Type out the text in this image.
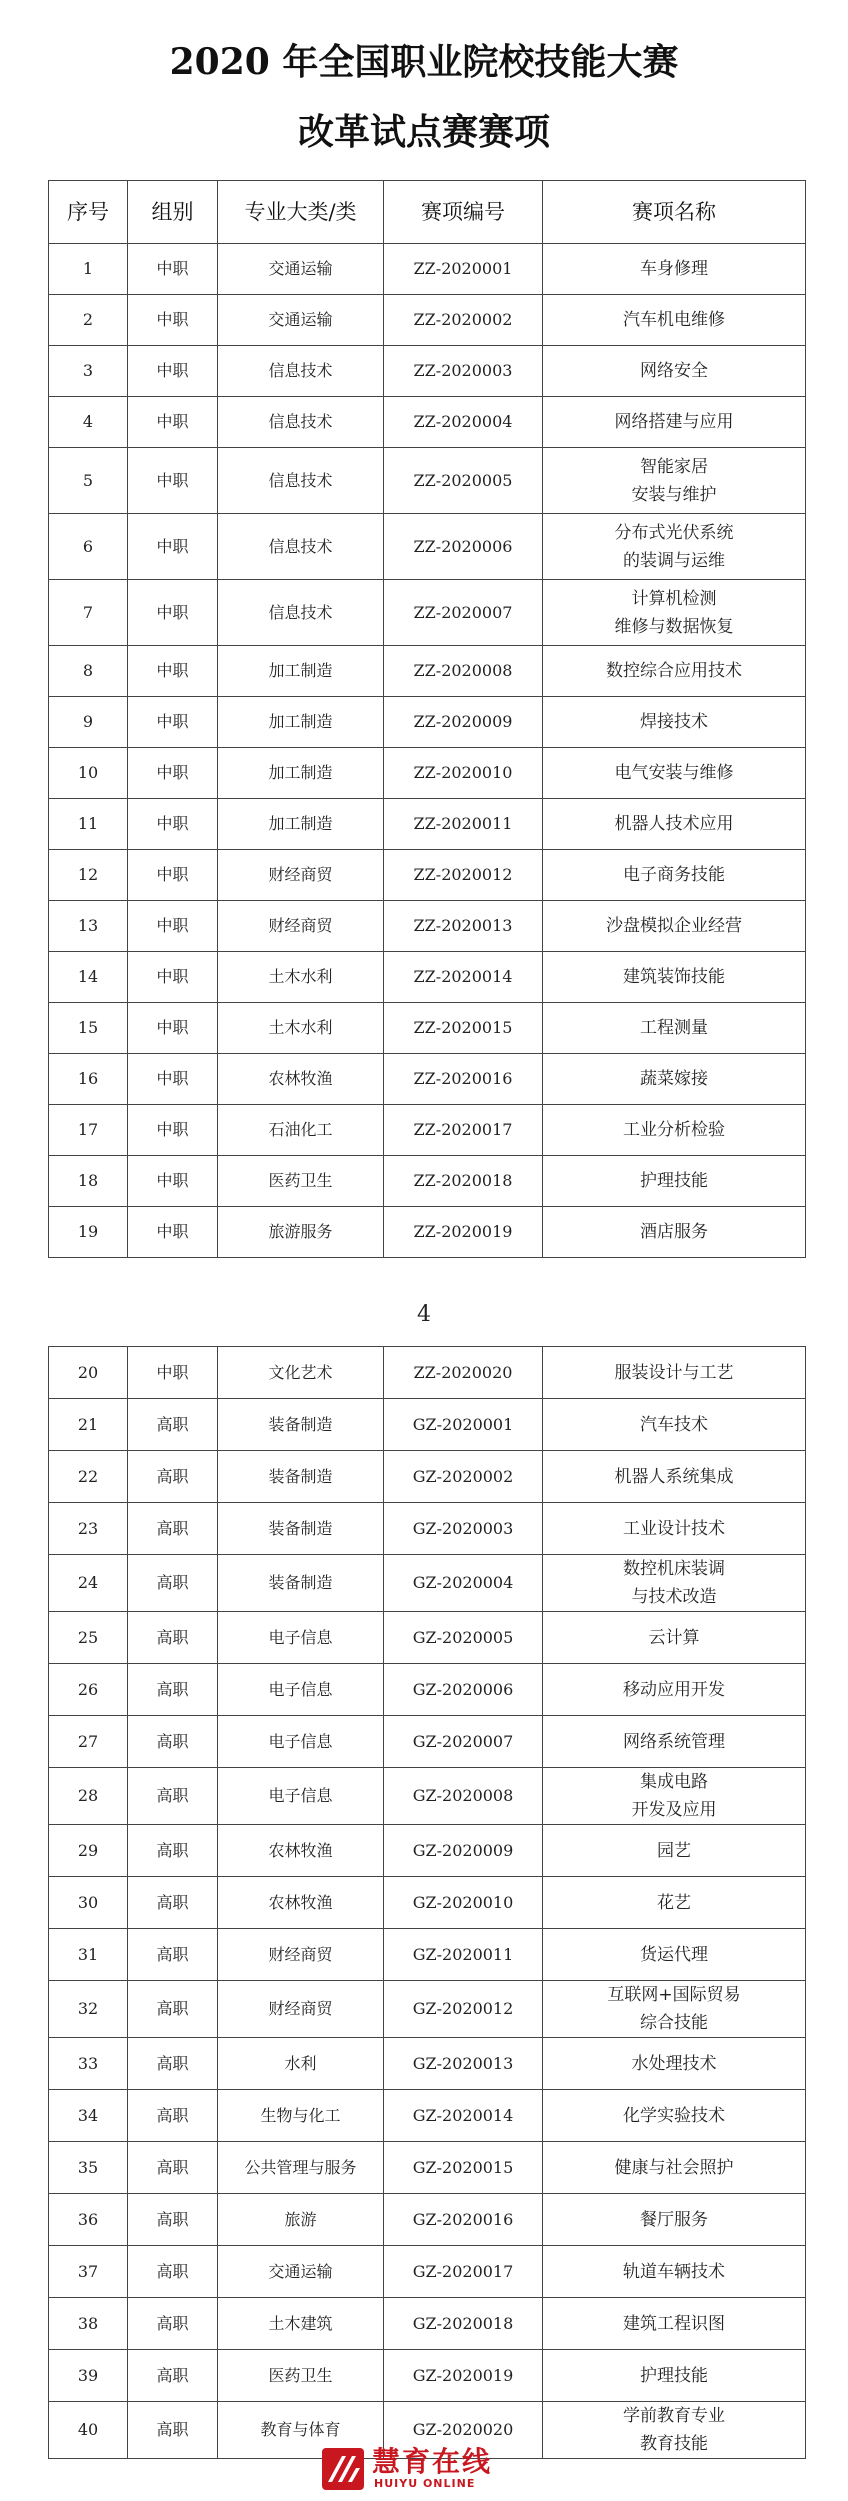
2020 年全国职业院校技能大赛
改革试点赛赛项
序号	组别	专业大类/类	赛项编号	赛项名称
1	中职	交通运输	ZZ-2020001	车身修理
2	中职	交通运输	ZZ-2020002	汽车机电维修
3	中职	信息技术	ZZ-2020003	网络安全
4	中职	信息技术	ZZ-2020004	网络搭建与应用
5	中职	信息技术	ZZ-2020005	智能家居
安装与维护
6	中职	信息技术	ZZ-2020006	分布式光伏系统
的装调与运维
7	中职	信息技术	ZZ-2020007	计算机检测
维修与数据恢复
8	中职	加工制造	ZZ-2020008	数控综合应用技术
9	中职	加工制造	ZZ-2020009	焊接技术
10	中职	加工制造	ZZ-2020010	电气安装与维修
11	中职	加工制造	ZZ-2020011	机器人技术应用
12	中职	财经商贸	ZZ-2020012	电子商务技能
13	中职	财经商贸	ZZ-2020013	沙盘模拟企业经营
14	中职	土木水利	ZZ-2020014	建筑装饰技能
15	中职	土木水利	ZZ-2020015	工程测量
16	中职	农林牧渔	ZZ-2020016	蔬菜嫁接
17	中职	石油化工	ZZ-2020017	工业分析检验
18	中职	医药卫生	ZZ-2020018	护理技能
19	中职	旅游服务	ZZ-2020019	酒店服务
4
20	中职	文化艺术	ZZ-2020020	服装设计与工艺
21	高职	装备制造	GZ-2020001	汽车技术
22	高职	装备制造	GZ-2020002	机器人系统集成
23	高职	装备制造	GZ-2020003	工业设计技术
24	高职	装备制造	GZ-2020004	数控机床装调
与技术改造
25	高职	电子信息	GZ-2020005	云计算
26	高职	电子信息	GZ-2020006	移动应用开发
27	高职	电子信息	GZ-2020007	网络系统管理
28	高职	电子信息	GZ-2020008	集成电路
开发及应用
29	高职	农林牧渔	GZ-2020009	园艺
30	高职	农林牧渔	GZ-2020010	花艺
31	高职	财经商贸	GZ-2020011	货运代理
32	高职	财经商贸	GZ-2020012	互联网+国际贸易
综合技能
33	高职	水利	GZ-2020013	水处理技术
34	高职	生物与化工	GZ-2020014	化学实验技术
35	高职	公共管理与服务	GZ-2020015	健康与社会照护
36	高职	旅游	GZ-2020016	餐厅服务
37	高职	交通运输	GZ-2020017	轨道车辆技术
38	高职	土木建筑	GZ-2020018	建筑工程识图
39	高职	医药卫生	GZ-2020019	护理技能
40	高职	教育与体育	GZ-2020020	学前教育专业
教育技能
慧育在线
HUIYU ONLINE
